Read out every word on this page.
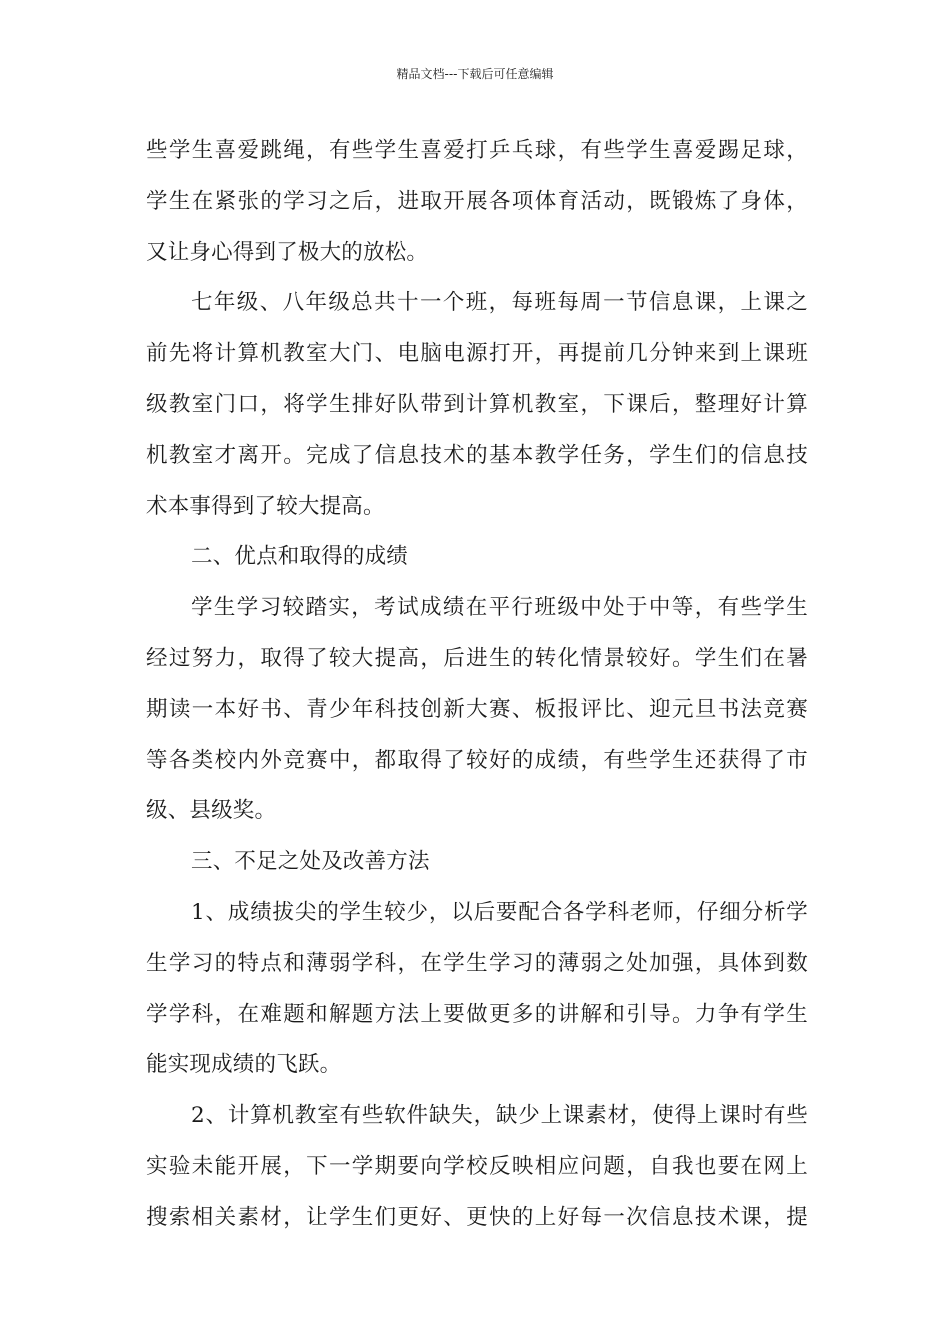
精品文档---下载后可任意编辑
些学生喜爱跳绳，有些学生喜爱打乒乓球，有些学生喜爱踢足球，
学生在紧张的学习之后，进取开展各项体育活动，既锻炼了身体，
又让身心得到了极大的放松。
七年级、八年级总共十一个班，每班每周一节信息课，上课之
前先将计算机教室大门、电脑电源打开，再提前几分钟来到上课班
级教室门口，将学生排好队带到计算机教室，下课后，整理好计算
机教室才离开。完成了信息技术的基本教学任务，学生们的信息技
术本事得到了较大提高。
二、优点和取得的成绩
学生学习较踏实，考试成绩在平行班级中处于中等，有些学生
经过努力，取得了较大提高，后进生的转化情景较好。学生们在暑
期读一本好书、青少年科技创新大赛、板报评比、迎元旦书法竞赛
等各类校内外竞赛中，都取得了较好的成绩，有些学生还获得了市
级、县级奖。
三、不足之处及改善方法
1、成绩拔尖的学生较少，以后要配合各学科老师，仔细分析学
生学习的特点和薄弱学科，在学生学习的薄弱之处加强，具体到数
学学科，在难题和解题方法上要做更多的讲解和引导。力争有学生
能实现成绩的飞跃。
2、计算机教室有些软件缺失，缺少上课素材，使得上课时有些
实验未能开展，下一学期要向学校反映相应问题，自我也要在网上
搜索相关素材，让学生们更好、更快的上好每一次信息技术课，提
